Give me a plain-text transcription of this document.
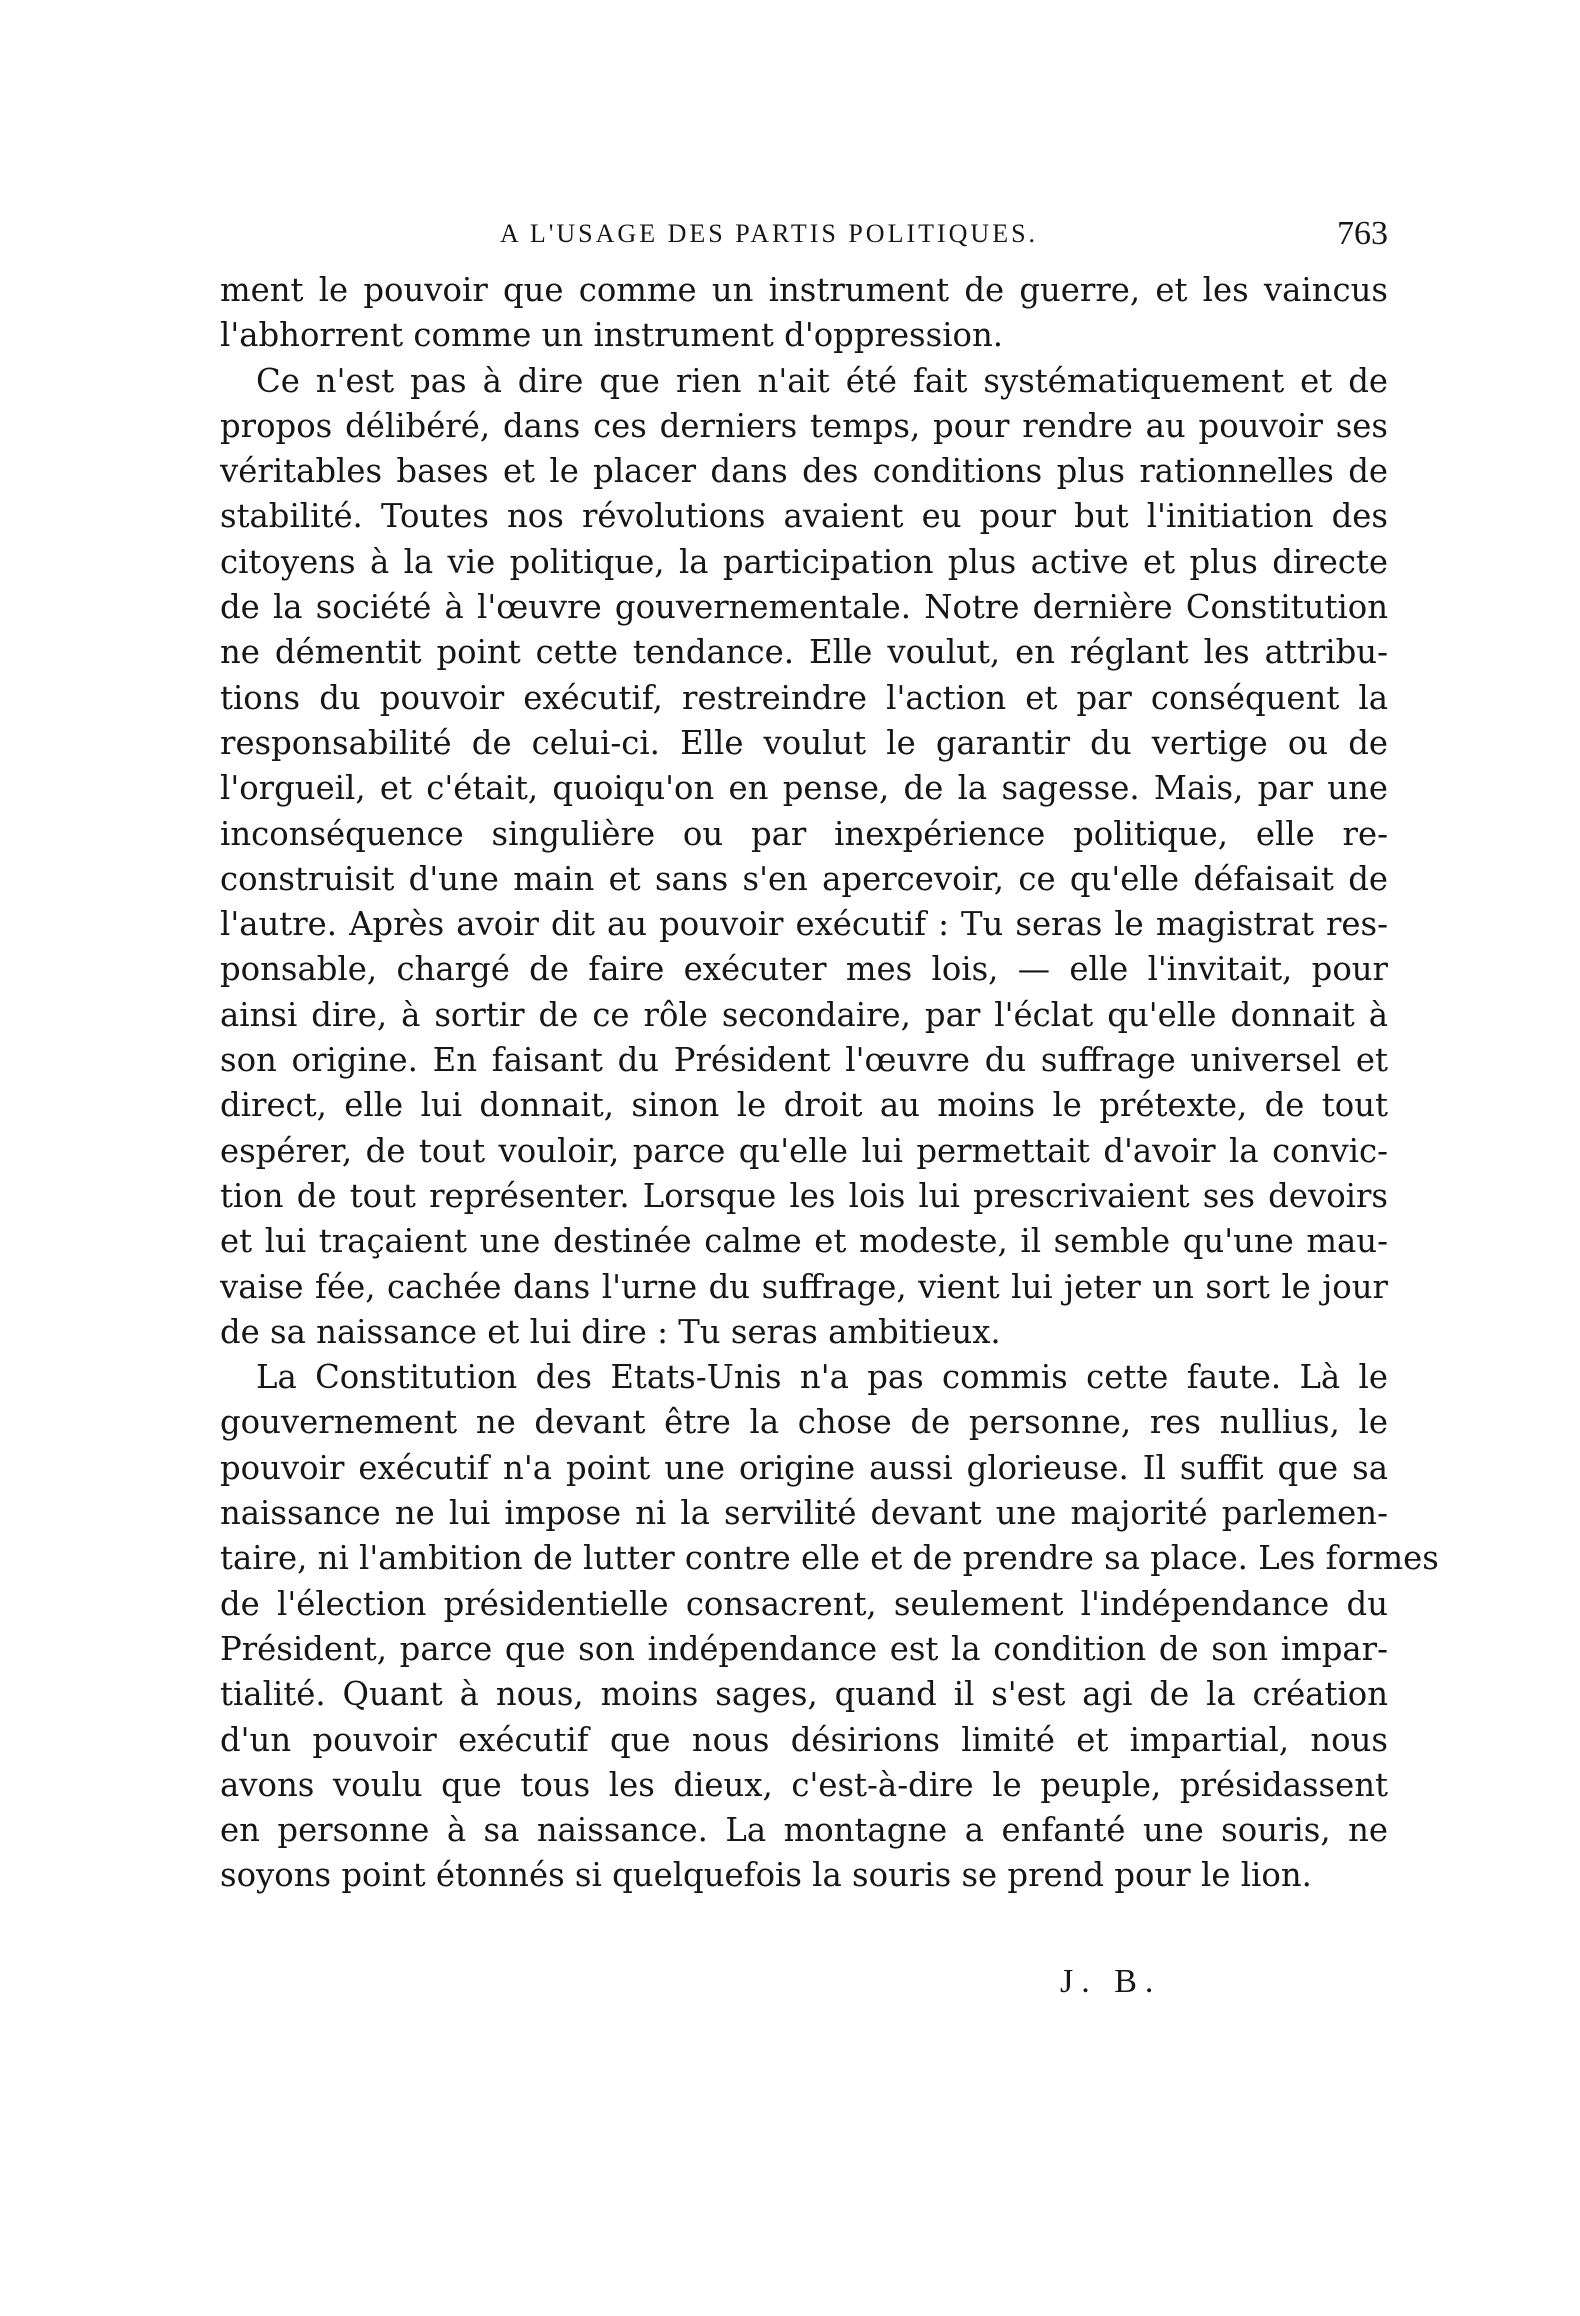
A L'USAGE DES PARTIS POLITIQUES.	763
ment le pouvoir que comme un instrument de guerre, et les vaincus
l'abhorrent comme un instrument d'oppression.
Ce n'est pas à dire que rien n'ait été fait systématiquement et de
propos délibéré, dans ces derniers temps, pour rendre au pouvoir ses
véritables bases et le placer dans des conditions plus rationnelles de
stabilité. Toutes nos révolutions avaient eu pour but l'initiation des
citoyens à la vie politique, la participation plus active et plus directe
de la société à l'œuvre gouvernementale. Notre dernière Constitution
ne démentit point cette tendance. Elle voulut, en réglant les attribu-
tions du pouvoir exécutif, restreindre l'action et par conséquent la
responsabilité de celui-ci. Elle voulut le garantir du vertige ou de
l'orgueil, et c'était, quoiqu'on en pense, de la sagesse. Mais, par une
inconséquence singulière ou par inexpérience politique, elle re-
construisit d'une main et sans s'en apercevoir, ce qu'elle défaisait de
l'autre. Après avoir dit au pouvoir exécutif : Tu seras le magistrat res-
ponsable, chargé de faire exécuter mes lois, — elle l'invitait, pour
ainsi dire, à sortir de ce rôle secondaire, par l'éclat qu'elle donnait à
son origine. En faisant du Président l'œuvre du suffrage universel et
direct, elle lui donnait, sinon le droit au moins le prétexte, de tout
espérer, de tout vouloir, parce qu'elle lui permettait d'avoir la convic-
tion de tout représenter. Lorsque les lois lui prescrivaient ses devoirs
et lui traçaient une destinée calme et modeste, il semble qu'une mau-
vaise fée, cachée dans l'urne du suffrage, vient lui jeter un sort le jour
de sa naissance et lui dire : Tu seras ambitieux.
La Constitution des Etats-Unis n'a pas commis cette faute. Là le
gouvernement ne devant être la chose de personne, res nullius, le
pouvoir exécutif n'a point une origine aussi glorieuse. Il suffit que sa
naissance ne lui impose ni la servilité devant une majorité parlemen-
taire, ni l'ambition de lutter contre elle et de prendre sa place. Les formes
de l'élection présidentielle consacrent, seulement l'indépendance du
Président, parce que son indépendance est la condition de son impar-
tialité. Quant à nous, moins sages, quand il s'est agi de la création
d'un pouvoir exécutif que nous désirions limité et impartial, nous
avons voulu que tous les dieux, c'est-à-dire le peuple, présidassent
en personne à sa naissance. La montagne a enfanté une souris, ne
soyons point étonnés si quelquefois la souris se prend pour le lion.
J. B.
